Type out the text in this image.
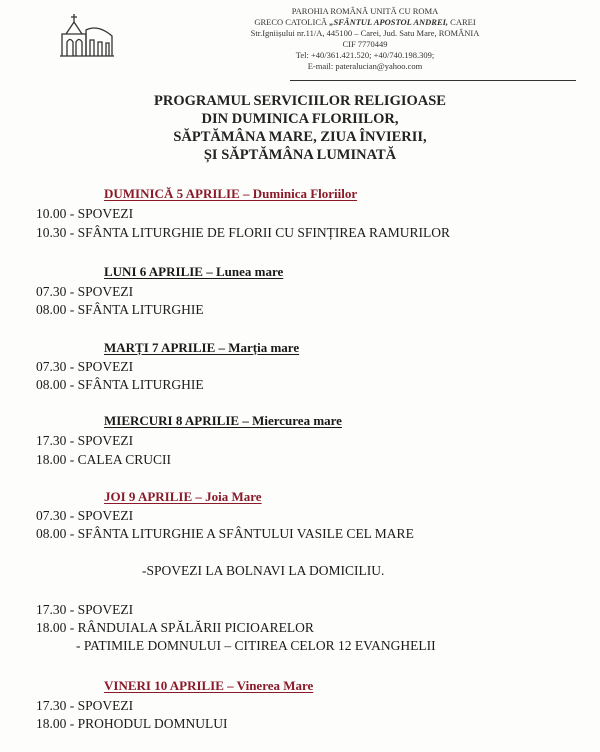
PAROHIA ROMÂNĂ UNITĂ CU ROMA
GRECO CATOLICĂ „SFÂNTUL APOSTOL ANDREI, CAREI
Str.Igniișului nr.11/A, 445100 – Carei, Jud. Satu Mare, ROMÂNIA
CIF 7770449
Tel: +40/361.421.520; +40/740.198.309;
E-mail: pateralucian@yahoo.com
PROGRAMUL SERVICIILOR RELIGIOASE
DIN DUMINICA FLORIILOR,
SĂPTĂMÂNA MARE, ZIUA ÎNVIERII,
ȘI SĂPTĂMÂNA LUMINATĂ
DUMINICĂ 5 APRILIE – Duminica Floriilor
10.00 - SPOVEZI
10.30 - SFÂNTA LITURGHIE DE FLORII CU SFINȚIREA RAMURILOR
LUNI 6 APRILIE – Lunea mare
07.30 - SPOVEZI
08.00 - SFÂNTA LITURGHIE
MARȚI 7 APRILIE – Marția mare
07.30 - SPOVEZI
08.00 - SFÂNTA LITURGHIE
MIERCURI 8 APRILIE – Miercurea mare
17.30 - SPOVEZI
18.00 - CALEA CRUCII
JOI 9 APRILIE – Joia Mare
07.30 - SPOVEZI
08.00 - SFÂNTA LITURGHIE A SFÂNTULUI VASILE CEL MARE
-SPOVEZI LA BOLNAVI LA DOMICILIU.
17.30 - SPOVEZI
18.00 - RÂNDUIALA SPĂLĂRII PICIOARELOR
- PATIMILE DOMNULUI – CITIREA CELOR 12 EVANGHELII
VINERI 10 APRILIE – Vinerea Mare
17.30 - SPOVEZI
18.00 - PROHODUL DOMNULUI
